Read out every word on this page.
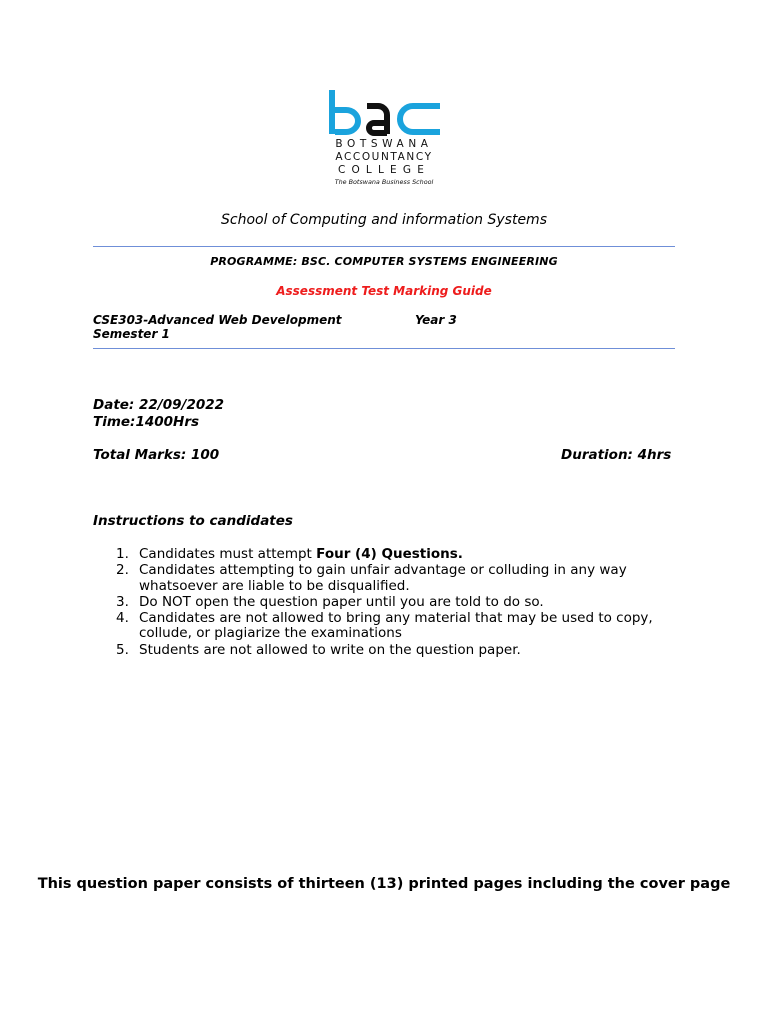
BOTSWANA
ACCOUNTANCY
COLLEGE
The Botswana Business School
School of Computing and information Systems
PROGRAMME: BSC. COMPUTER SYSTEMS ENGINEERING
Assessment Test Marking Guide
CSE303-Advanced Web Development	Year 3
Semester 1
Date: 22/09/2022
Time:1400Hrs
Total Marks: 100	Duration: 4hrs
Instructions to candidates
1. Candidates must attempt Four (4) Questions.
2. Candidates attempting to gain unfair advantage or colluding in any way whatsoever are liable to be disqualified.
3. Do NOT open the question paper until you are told to do so.
4. Candidates are not allowed to bring any material that may be used to copy, collude, or plagiarize the examinations
5. Students are not allowed to write on the question paper.
This question paper consists of thirteen (13) printed pages including the cover page
